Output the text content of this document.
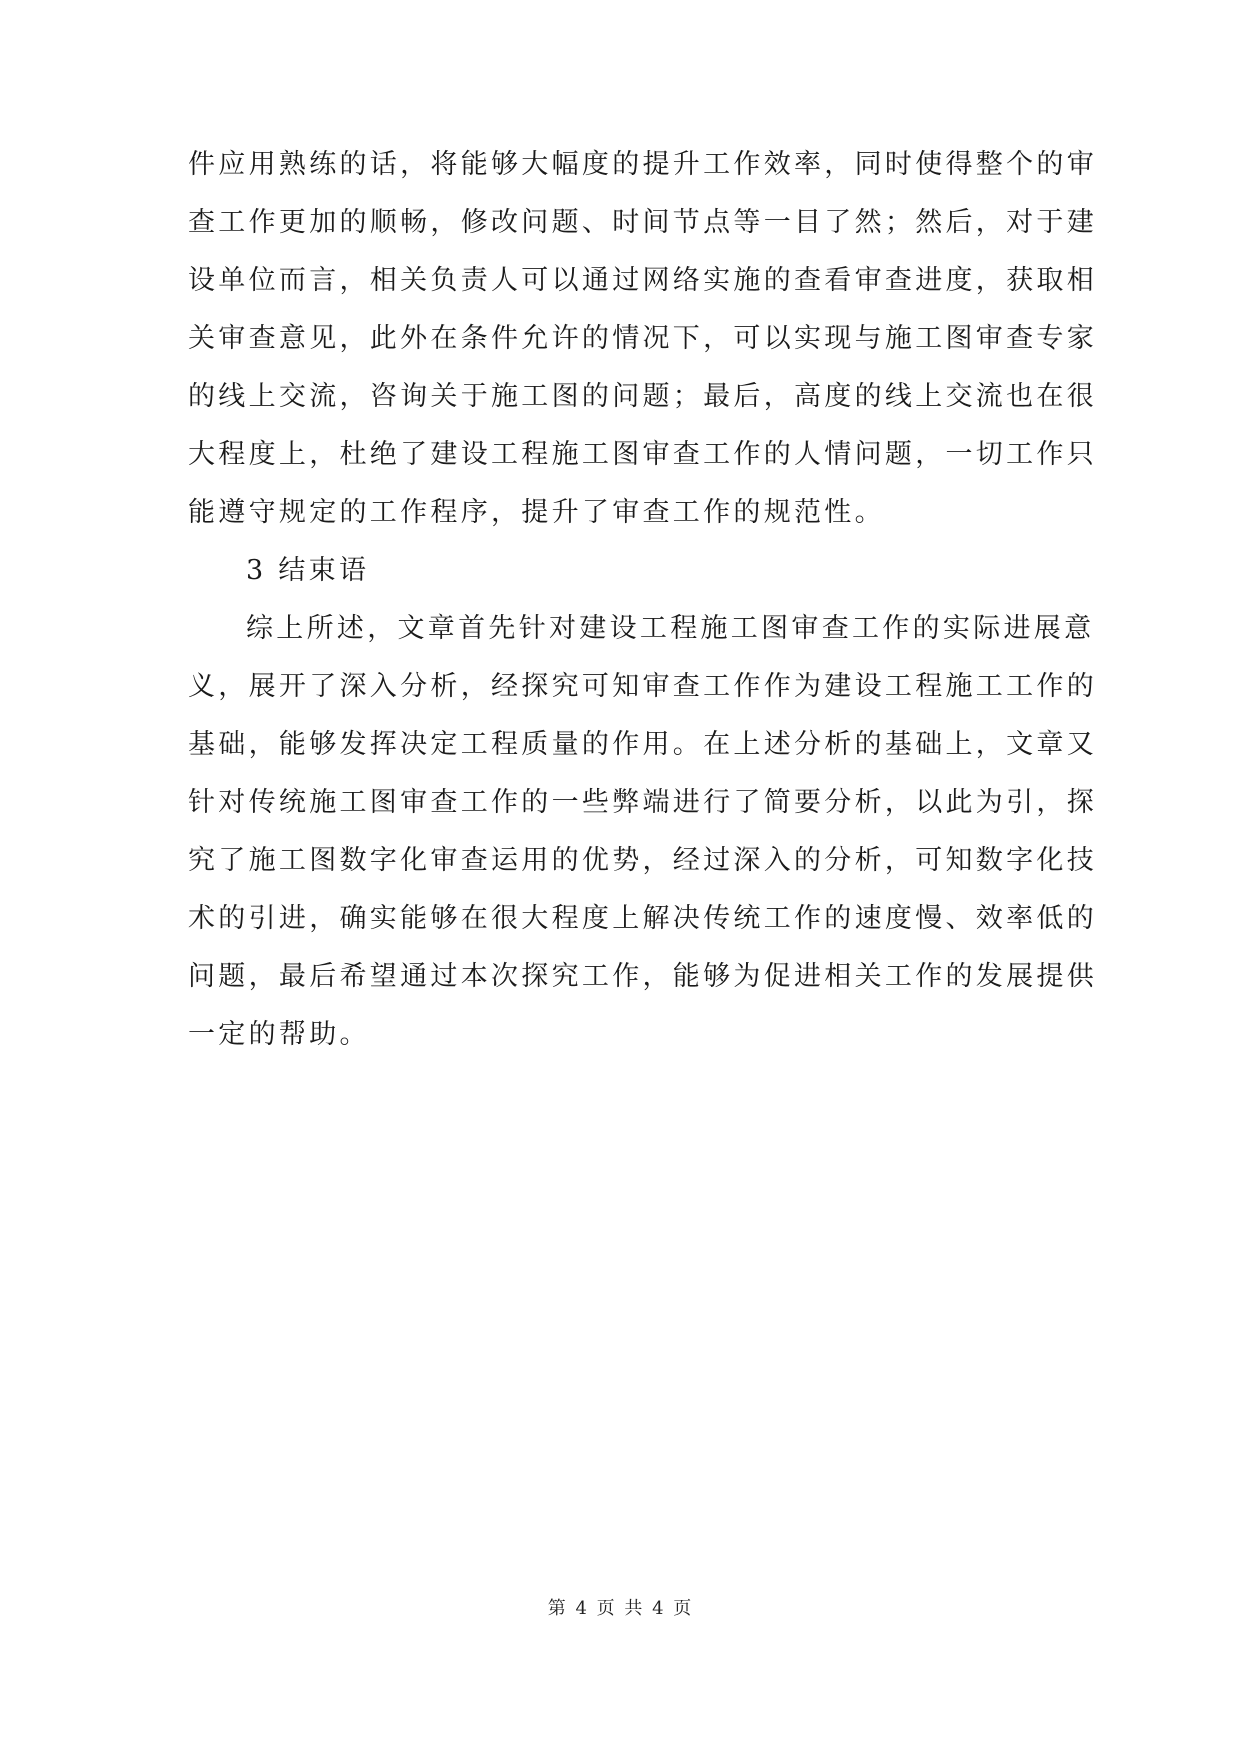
件应用熟练的话，将能够大幅度的提升工作效率，同时使得整个的审
查工作更加的顺畅，修改问题、时间节点等一目了然；然后，对于建
设单位而言，相关负责人可以通过网络实施的查看审查进度，获取相
关审查意见，此外在条件允许的情况下，可以实现与施工图审查专家
的线上交流，咨询关于施工图的问题；最后，高度的线上交流也在很
大程度上，杜绝了建设工程施工图审查工作的人情问题，一切工作只
能遵守规定的工作程序，提升了审查工作的规范性。
3 结束语
综上所述，文章首先针对建设工程施工图审查工作的实际进展意
义，展开了深入分析，经探究可知审查工作作为建设工程施工工作的
基础，能够发挥决定工程质量的作用。在上述分析的基础上，文章又
针对传统施工图审查工作的一些弊端进行了简要分析，以此为引，探
究了施工图数字化审查运用的优势，经过深入的分析，可知数字化技
术的引进，确实能够在很大程度上解决传统工作的速度慢、效率低的
问题，最后希望通过本次探究工作，能够为促进相关工作的发展提供
一定的帮助。
第 4 页 共 4 页
